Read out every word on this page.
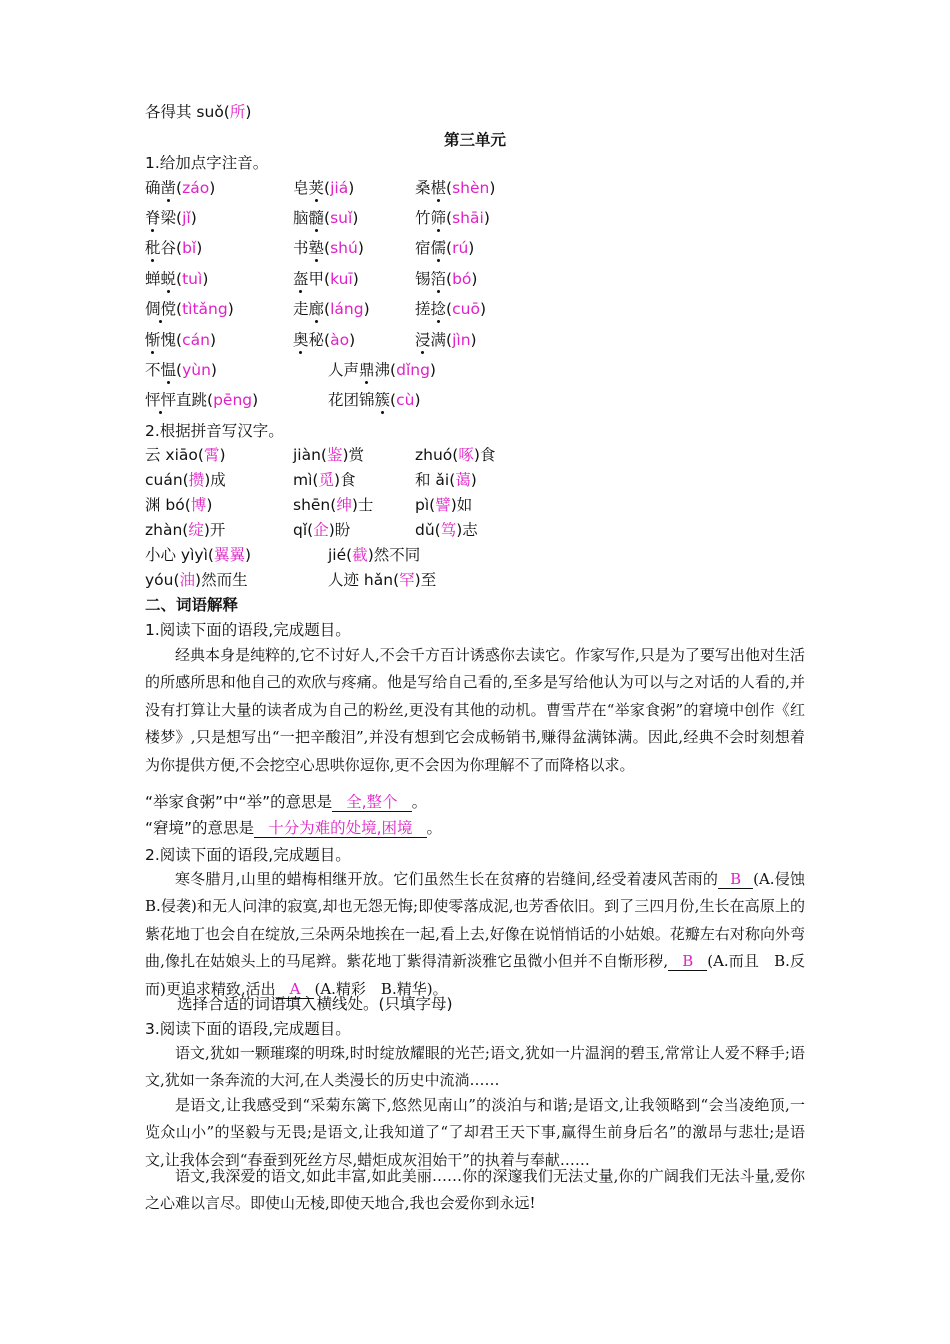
各得其 suǒ(所)
第三单元
1.给加点字注音。
确凿(záo)	皂荚(jiá)	桑椹(shèn)
脊梁(jǐ)	脑髓(suǐ)	竹筛(shāi)
秕谷(bǐ)	书塾(shú)	宿儒(rú)
蝉蜕(tuì)	盔甲(kuī)	锡箔(bó)
倜傥(tìtǎng)	走廊(láng)	搓捻(cuō)
惭愧(cán)	奥秘(ào)	浸满(jìn)
不愠(yùn)	人声鼎沸(dǐng)
怦怦直跳(pēng)	花团锦簇(cù)
2.根据拼音写汉字。
云 xiāo(霄)	jiàn(鉴)赏	zhuó(啄)食
cuán(攒)成	mì(觅)食	和 ǎi(蔼)
渊 bó(博)	shēn(绅)士	pì(譬)如
zhàn(绽)开	qǐ(企)盼	dǔ(笃)志
小心 yìyì(翼翼)	jié(截)然不同
yóu(油)然而生	人迹 hǎn(罕)至
二、词语解释
1.阅读下面的语段,完成题目。
经典本身是纯粹的,它不讨好人,不会千方百计诱惑你去读它。作家写作,只是为了要写出他对生活的所感所思和他自己的欢欣与疼痛。他是写给自己看的,至多是写给他认为可以与之对话的人看的,并没有打算让大量的读者成为自己的粉丝,更没有其他的动机。曹雪芹在“举家食粥”的窘境中创作《红楼梦》,只是想写出“一把辛酸泪”,并没有想到它会成畅销书,赚得盆满钵满。因此,经典不会时刻想着为你提供方便,不会挖空心思哄你逗你,更不会因为你理解不了而降格以求。
“举家食粥”中“举”的意思是 全,整个 。
“窘境”的意思是 十分为难的处境,困境 。
2.阅读下面的语段,完成题目。
寒冬腊月,山里的蜡梅相继开放。它们虽然生长在贫瘠的岩缝间,经受着凄风苦雨的 B (A.侵蚀　B.侵袭)和无人问津的寂寞,却也无怨无悔;即使零落成泥,也芳香依旧。到了三四月份,生长在高原上的紫花地丁也会自在绽放,三朵两朵地挨在一起,看上去,好像在说悄悄话的小姑娘。花瓣左右对称向外弯曲,像扎在姑娘头上的马尾辫。紫花地丁紫得清新淡雅它虽微小但并不自惭形秽, B (A.而且　B.反而)更追求精致,活出 A (A.精彩　B.精华)。
选择合适的词语填入横线处。(只填字母)
3.阅读下面的语段,完成题目。
语文,犹如一颗璀璨的明珠,时时绽放耀眼的光芒;语文,犹如一片温润的碧玉,常常让人爱不释手;语文,犹如一条奔流的大河,在人类漫长的历史中流淌……
是语文,让我感受到“采菊东篱下,悠然见南山”的淡泊与和谐;是语文,让我领略到“会当凌绝顶,一览众山小”的坚毅与无畏;是语文,让我知道了“了却君王天下事,赢得生前身后名”的激昂与悲壮;是语文,让我体会到“春蚕到死丝方尽,蜡炬成灰泪始干”的执着与奉献……
语文,我深爱的语文,如此丰富,如此美丽……你的深邃我们无法丈量,你的广阔我们无法斗量,爱你之心难以言尽。即使山无棱,即使天地合,我也会爱你到永远!
